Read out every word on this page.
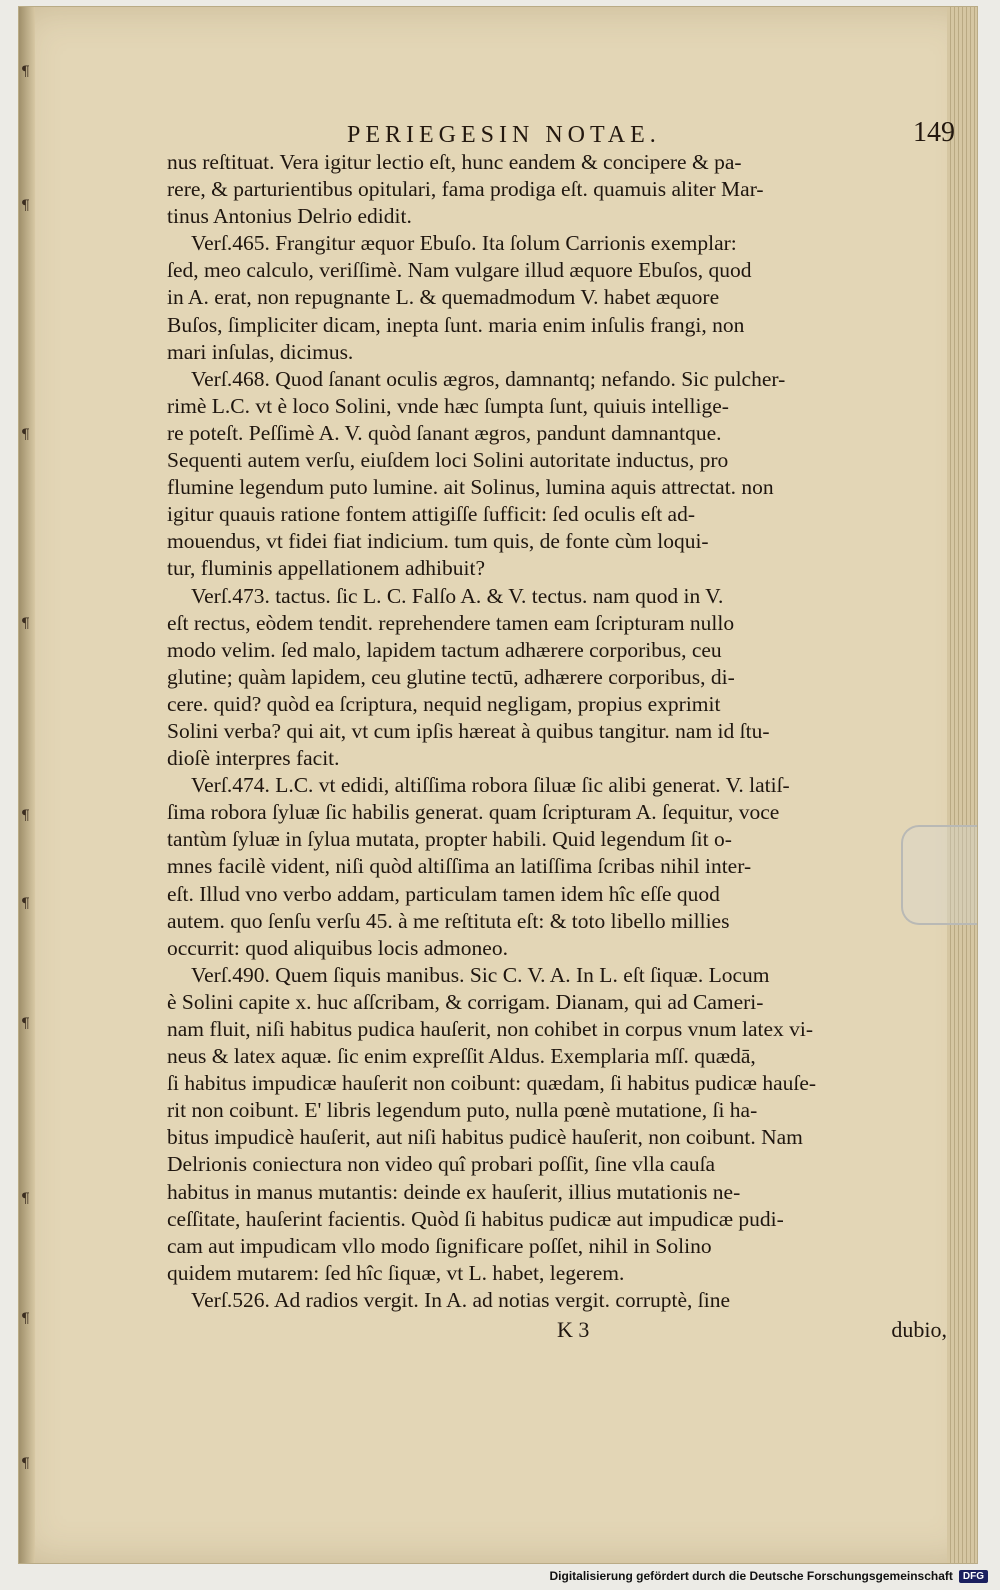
¶
¶
¶
¶
¶
¶
¶
¶
¶
¶
PERIEGESIN NOTAE.	149

nus reſtituat. Vera igitur lectio eſt, hunc eandem & concipere & pa-

rere, & parturientibus opitulari, fama prodiga eſt. quamuis aliter Mar-

tinus Antonius Delrio edidit.

Verſ.465. Frangitur æquor Ebuſo. Ita ſolum Carrionis exemplar:

ſed, meo calculo, veriſſimè. Nam vulgare illud æquore Ebuſos, quod

in A. erat, non repugnante L. & quemadmodum V. habet æquore

Buſos, ſimpliciter dicam, inepta ſunt. maria enim inſulis frangi, non

mari inſulas, dicimus.

Verſ.468. Quod ſanant oculis ægros, damnantq; nefando. Sic pulcher-

rimè L.C. vt è loco Solini, vnde hæc ſumpta ſunt, quiuis intellige-

re poteſt. Peſſimè A. V. quòd ſanant ægros, pandunt damnantque.

Sequenti autem verſu, eiuſdem loci Solini autoritate inductus, pro

flumine legendum puto lumine. ait Solinus, lumina aquis attrectat. non

igitur quauis ratione fontem attigiſſe ſufficit: ſed oculis eſt ad-

mouendus, vt fidei fiat indicium. tum quis, de fonte cùm loqui-

tur, fluminis appellationem adhibuit?

Verſ.473. tactus. ſic L. C. Falſo A. & V. tectus. nam quod in V.

eſt rectus, eòdem tendit. reprehendere tamen eam ſcripturam nullo

modo velim. ſed malo, lapidem tactum adhærere corporibus, ceu

glutine; quàm lapidem, ceu glutine tectū, adhærere corporibus, di-

cere. quid? quòd ea ſcriptura, nequid negligam, propius exprimit

Solini verba? qui ait, vt cum ipſis hæreat à quibus tangitur. nam id ſtu-

dioſè interpres facit.

Verſ.474. L.C. vt edidi, altiſſima robora ſiluæ ſic alibi generat. V. latiſ-

ſima robora ſyluæ ſic habilis generat. quam ſcripturam A. ſequitur, voce

tantùm ſyluæ in ſylua mutata, propter habili. Quid legendum ſit o-

mnes facilè vident, niſi quòd altiſſima an latiſſima ſcribas nihil inter-

eſt. Illud vno verbo addam, particulam tamen idem hîc eſſe quod

autem. quo ſenſu verſu 45. à me reſtituta eſt: & toto libello millies

occurrit: quod aliquibus locis admoneo.

Verſ.490. Quem ſiquis manibus. Sic C. V. A. In L. eſt ſiquæ. Locum

è Solini capite x. huc aſſcribam, & corrigam. Dianam, qui ad Cameri-

nam fluit, niſi habitus pudica hauſerit, non cohibet in corpus vnum latex vi-

neus & latex aquæ. ſic enim expreſſit Aldus. Exemplaria mſſ. quædā,

ſi habitus impudicæ hauſerit non coibunt: quædam, ſi habitus pudicæ hauſe-

rit non coibunt. E' libris legendum puto, nulla pœnè mutatione, ſi ha-

bitus impudicè hauſerit, aut niſi habitus pudicè hauſerit, non coibunt. Nam

Delrionis coniectura non video quî probari poſſit, ſine vlla cauſa

habitus in manus mutantis: deinde ex hauſerit, illius mutationis ne-

ceſſitate, hauſerint facientis. Quòd ſi habitus pudicæ aut impudicæ pudi-

cam aut impudicam vllo modo ſignificare poſſet, nihil in Solino

quidem mutarem: ſed hîc ſiquæ, vt L. habet, legerem.

Verſ.526. Ad radios vergit. In A. ad notias vergit. corruptè, ſine

K 3	dubio,
Digitalisierung gefördert durch die Deutsche Forschungsgemeinschaft	DFG
